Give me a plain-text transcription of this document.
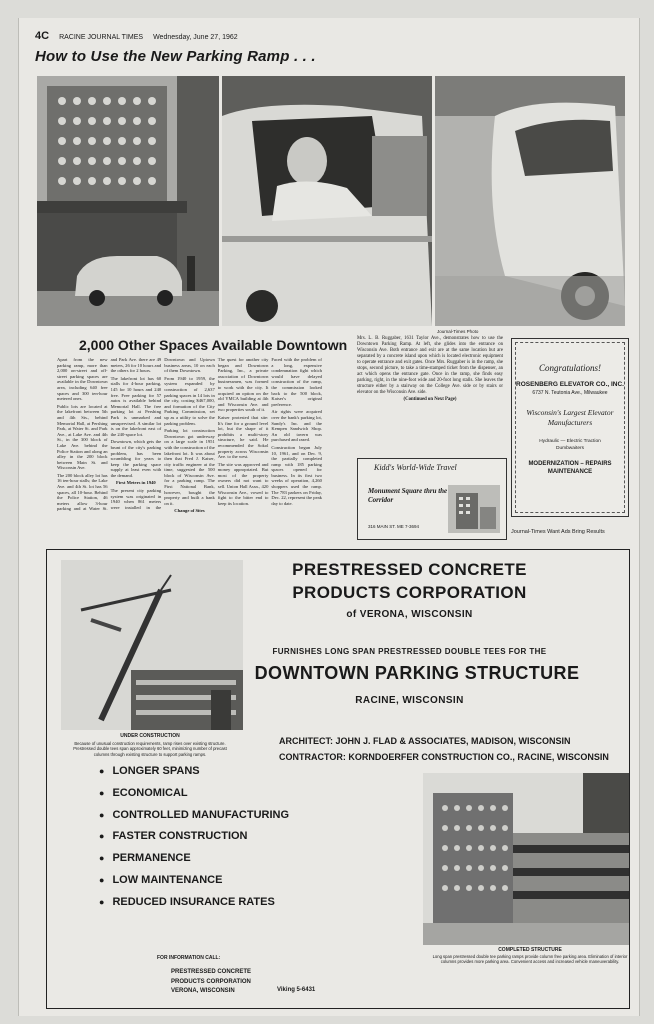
4C RACINE JOURNAL TIMES Wednesday, June 27, 1962
How to Use the New Parking Ramp . . .
Journal-Times Photo
2,000 Other Spaces Available Downtown

Apart from the new parking ramp, more than 2,000 on-street and off-street parking spaces are available in the Downtown area, including 640 free spaces and 300 ten-hour metered ones.

Public lots are located at the lakefront between 5th and 4th Sts., behind Memorial Hall, at Pershing Park, at Water St. and Park Ave., at Lake Ave. and 4th St., in the 300 block of Lake Ave. behind the Police Station and along an alley in the 200 block between Main St. and Wisconsin Ave.

The 200 block alley lot has 16 ten-hour stalls; the Lake Ave. and 4th St. lot has 56 spaces, all 10-hour. Behind the Police Station, 46 meters allow 3-hour parking and at Water St. and Park Ave. there are 49 meters, 26 for 10 hours and the others for 2 hours.

The lakefront lot has 60 stalls for 4-hour parking, 145 for 10 hours and 240 free. Free parking for 57 autos is available behind Memorial Hall. The free parking lot at Pershing Park is unmarked and unsupervised. A similar lot is on the lakefront east of the 240-space lot.

Downtown, which gets the brunt of the city's parking problem, has been scrambling for years to keep the parking space supply at least even with the demand.

First Meters in 1940

The present city parking system was originated in 1940 when 861 meters were installed in the Downtown and Uptown business areas, 10 on each of them Downtown.

From 1940 to 1959, the system expanded by construction of 2,637 parking spaces in 14 lots in the city, costing $467,000, and formation of the City Parking Commission, set up as a utility to solve the parking problem.

Parking lot construction Downtown got underway on a large scale in 1951 with the construction of the lakefront lot. It was about then that Fred J. Kaiser, city traffic engineer at the time, suggested the 500 block of Wisconsin Ave. for a parking ramp. The First National Bank, however, bought the property and built a bank on it.

Change of Sites

The quest for another city began and Downtown Parking, Inc., a private association of Downtown businessmen, was formed to work with the city. It acquired an option on the old YMCA building at 4th and Wisconsin Ave. and two properties south of it.

Kaiser protested that site: It's fine for a ground level lot, but the shape of it prohibits a multi-story structure, he said. He recommended the Sokol property across Wisconsin Ave. to the west.

The site was approved and money appropriated. But most of the property owners did not want to sell. Union Hall Assn., 420 Wisconsin Ave., vowed to fight to the bitter end to keep its location.

Faced with the problem of a long, expensive condemnation fight which would have delayed construction of the ramp, the commission looked back to the 500 block, Kaiser's original preference.

Air rights were acquired over the bank's parking lot, Sandy's Inc. and the Kempen Sandwich Shop. An old tavern was purchased and razed.

Construction began July 10, 1961, and on Dec. 9, the partially completed ramp with 185 parking spaces opened for business. In its first two weeks of operation, 4,260 shoppers used the ramp. The 783 parkers on Friday, Dec. 22, represent the peak day to date.

Mrs. L. B. Ruggaber, 1631 Taylor Ave., demonstrates how to use the Downtown Parking Ramp. At left, she glides into the entrance on Wisconsin Ave. Both entrance and exit are at the same location but are separated by a concrete island upon which is located electronic equipment to operate entrance and exit gates. Once Mrs. Ruggaber is in the ramp, she stops, second picture, to take a time-stamped ticket from the dispenser, an act which opens the entrance gate. Once in the ramp, she finds easy parking, right, in the nine-foot wide and 20-foot long stalls. She leaves the structure either by a stairway on the College Ave. side or by stairs or elevator on the Wisconsin Ave. side.
(Continued on Next Page)
Kidd's World-Wide Travel
Monument Square thru the Corridor
316 MAIN ST. ME 7-3694
Congratulations!
ROSENBERG ELEVATOR CO., INC.
6737 N. Teutonia Ave., Milwaukee
Wisconsin's Largest Elevator
Manufacturers
Hydraulic — Electric Traction
Dumbwaiters
MODERNIZATION – REPAIRS
MAINTENANCE
Journal-Times Want Ads Bring Results
UNDER CONSTRUCTION
Because of unusual construction requirements, ramp rises over existing structure. Prestressed double tees span approximately 60 feet, minimizing number of precast columns through existing structure to support parking ramps.
PRESTRESSED CONCRETE
PRODUCTS CORPORATION
of VERONA, WISCONSIN
FURNISHES LONG SPAN PRESTRESSED DOUBLE TEES FOR THE
DOWNTOWN PARKING STRUCTURE
RACINE, WISCONSIN
ARCHITECT: JOHN J. FLAD & ASSOCIATES, MADISON, WISCONSIN
CONTRACTOR: KORNDOERFER CONSTRUCTION CO., RACINE, WISCONSIN
● LONGER SPANS
● ECONOMICAL
● CONTROLLED MANUFACTURING
● FASTER CONSTRUCTION
● PERMANENCE
● LOW MAINTENANCE
● REDUCED INSURANCE RATES
FOR INFORMATION CALL:
PRESTRESSED CONCRETE
PRODUCTS CORPORATION
VERONA, WISCONSIN	Viking 5-6431
COMPLETED STRUCTURE
Long span prestressed double tee parking ramps provide column free parking area. Elimination of interior columns provides more parking area. Convenient access and increased vehicle maneuverability.
